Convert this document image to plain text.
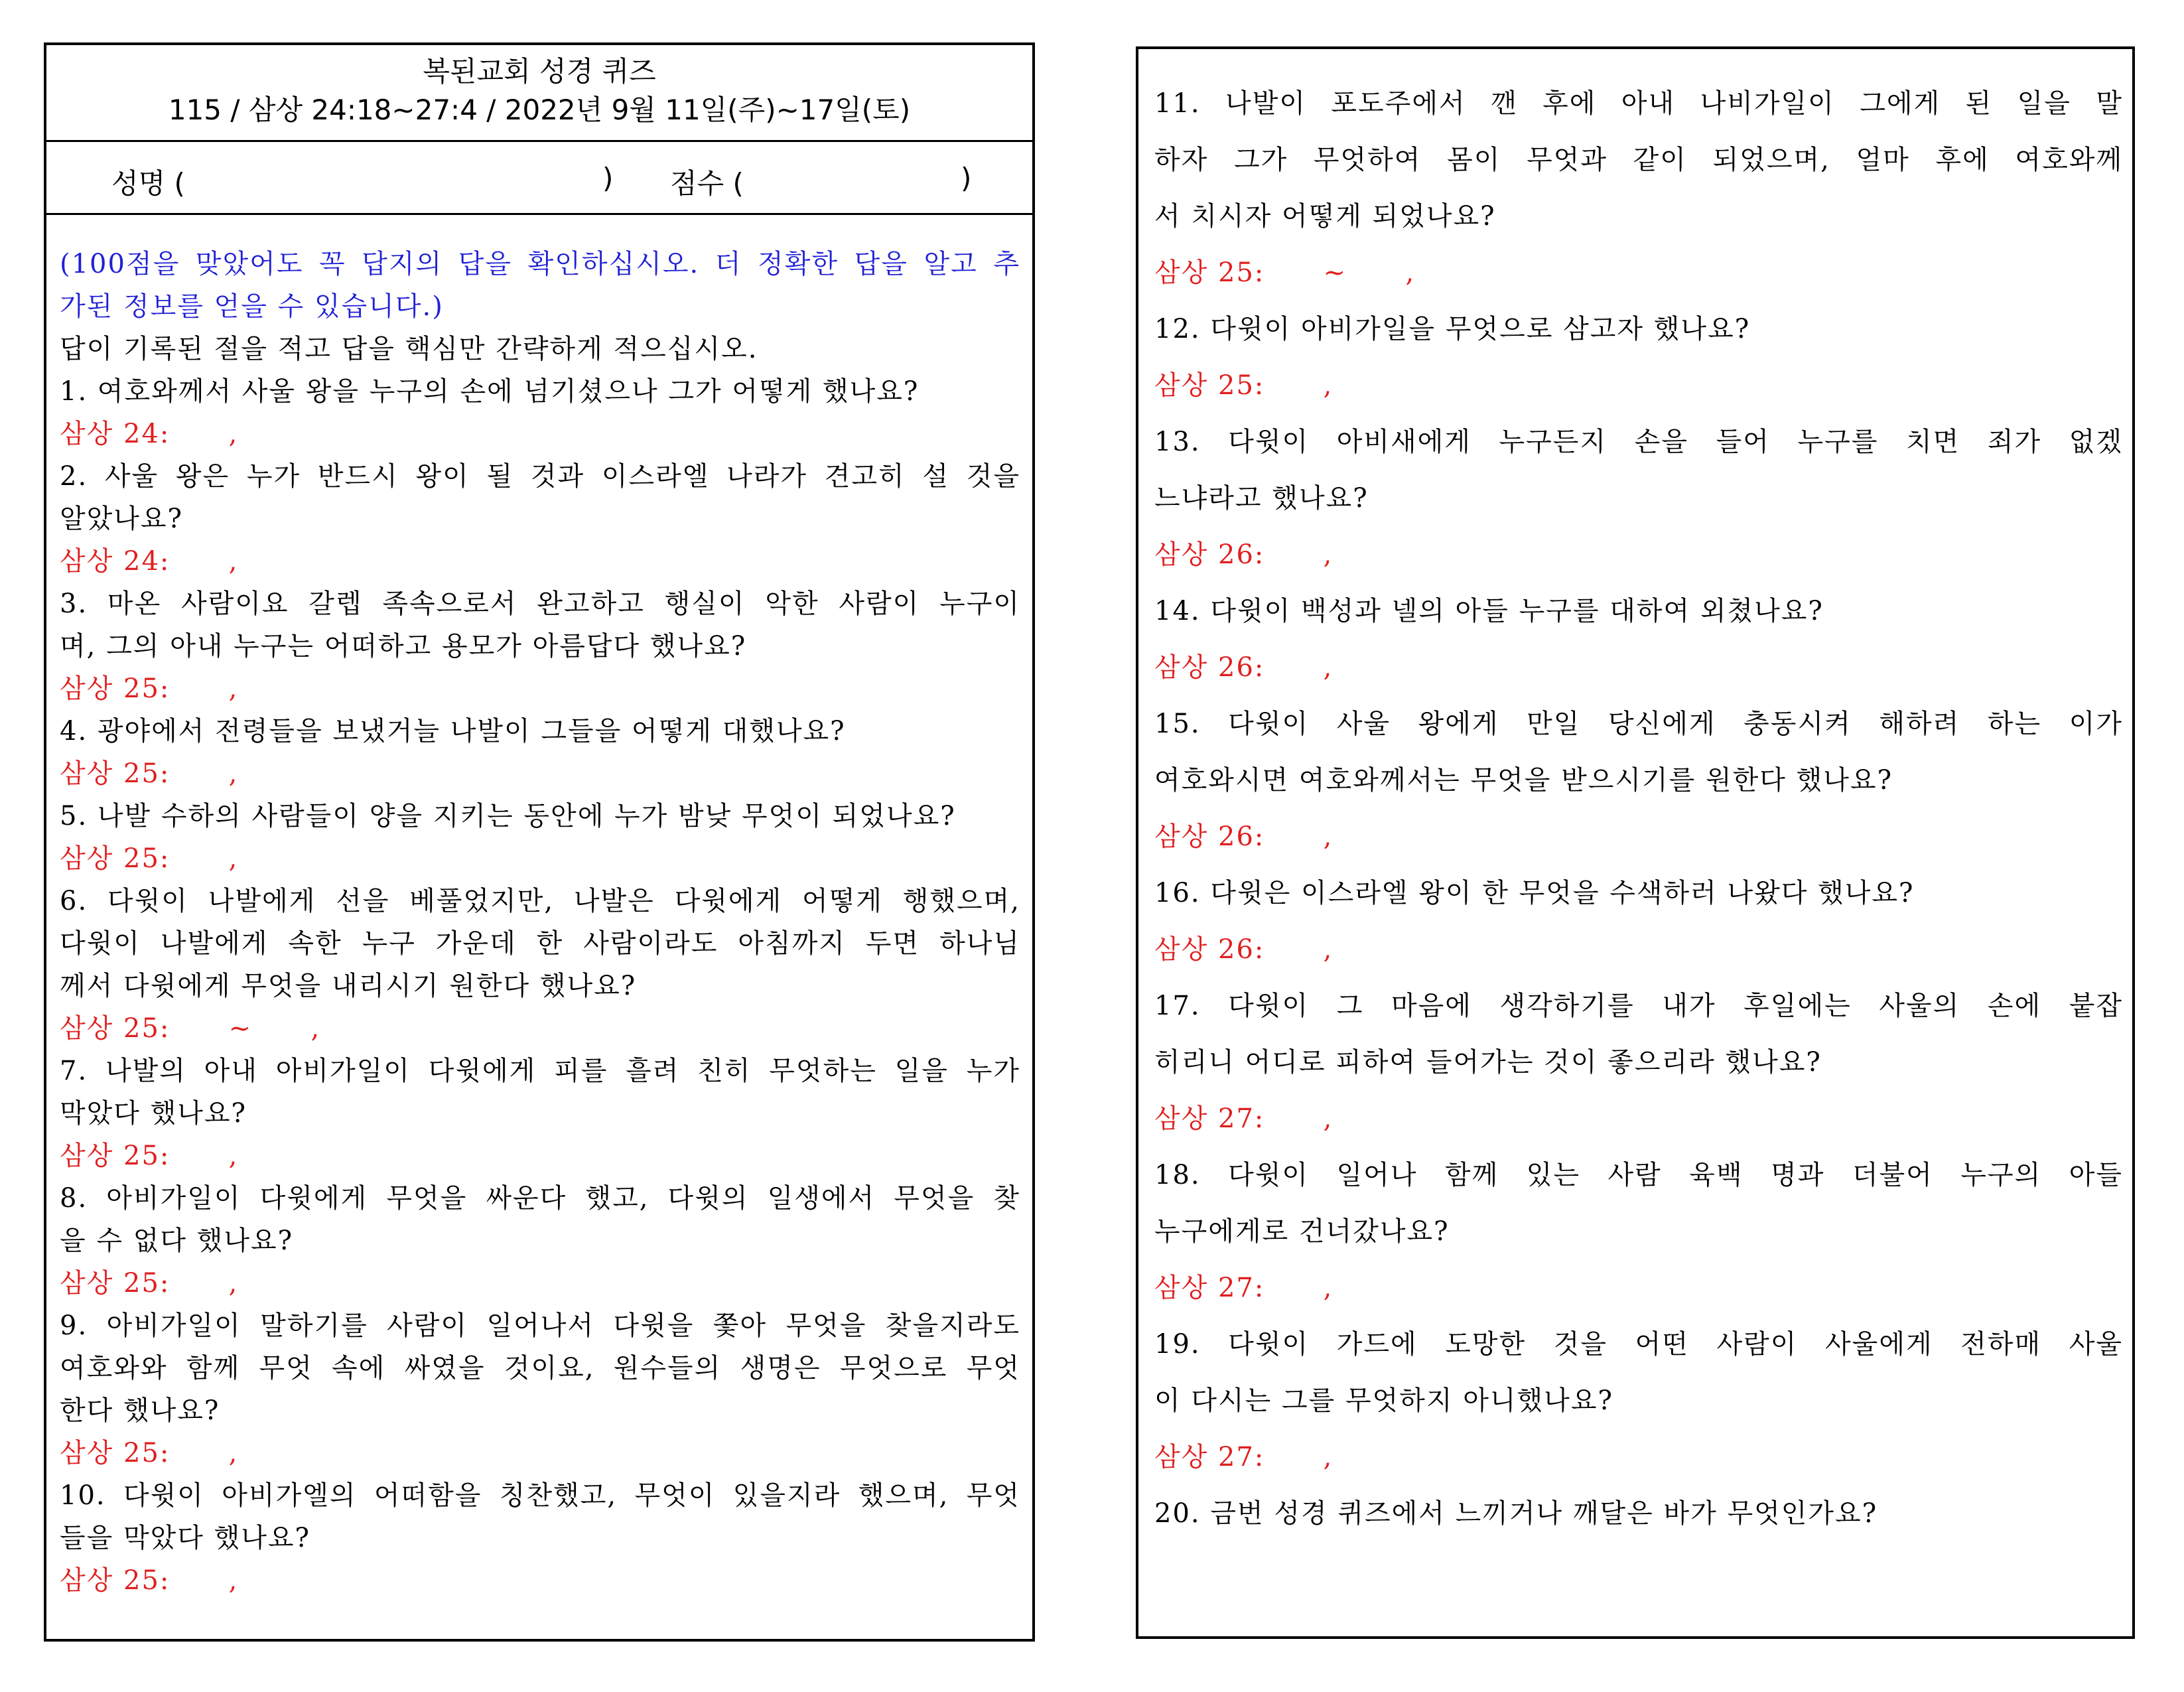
복된교회 성경 퀴즈
115 / 삼상 24:18~27:4 / 2022년 9월 11일(주)~17일(토)
성명 (	) 점수 (	)
(100점을 맞았어도 꼭 답지의 답을 확인하십시오. 더 정확한 답을 알고 추
가된 정보를 얻을 수 있습니다.)
답이 기록된 절을 적고 답을 핵심만 간략하게 적으십시오.
1. 여호와께서 사울 왕을 누구의 손에 넘기셨으나 그가 어떻게 했나요?
삼상 24:      ,
2. 사울 왕은 누가 반드시 왕이 될 것과 이스라엘 나라가 견고히 설 것을
알았나요?
삼상 24:      ,
3. 마온 사람이요 갈렙 족속으로서 완고하고 행실이 악한 사람이 누구이
며, 그의 아내 누구는 어떠하고 용모가 아름답다 했나요?
삼상 25:      ,
4. 광야에서 전령들을 보냈거늘 나발이 그들을 어떻게 대했나요?
삼상 25:      ,
5. 나발 수하의 사람들이 양을 지키는 동안에 누가 밤낮 무엇이 되었나요?
삼상 25:      ,
6. 다윗이 나발에게 선을 베풀었지만, 나발은 다윗에게 어떻게 행했으며,
다윗이 나발에게 속한 누구 가운데 한 사람이라도 아침까지 두면 하나님
께서 다윗에게 무엇을 내리시기 원한다 했나요?
삼상 25:      ~      ,
7. 나발의 아내 아비가일이 다윗에게 피를 흘려 친히 무엇하는 일을 누가
막았다 했나요?
삼상 25:      ,
8. 아비가일이 다윗에게 무엇을 싸운다 했고, 다윗의 일생에서 무엇을 찾
을 수 없다 했나요?
삼상 25:      ,
9. 아비가일이 말하기를 사람이 일어나서 다윗을 쫓아 무엇을 찾을지라도
여호와와 함께 무엇 속에 싸였을 것이요, 원수들의 생명은 무엇으로 무엇
한다 했나요?
삼상 25:      ,
10. 다윗이 아비가엘의 어떠함을 칭찬했고, 무엇이 있을지라 했으며, 무엇
들을 막았다 했나요?
삼상 25:      ,
11. 나발이 포도주에서 깬 후에 아내 나비가일이 그에게 된 일을 말
하자 그가 무엇하여 몸이 무엇과 같이 되었으며, 얼마 후에 여호와께
서 치시자 어떻게 되었나요?
삼상 25:      ~      ,
12. 다윗이 아비가일을 무엇으로 삼고자 했나요?
삼상 25:      ,
13. 다윗이 아비새에게 누구든지 손을 들어 누구를 치면 죄가 없겠
느냐라고 했나요?
삼상 26:      ,
14. 다윗이 백성과 넬의 아들 누구를 대하여 외쳤나요?
삼상 26:      ,
15. 다윗이 사울 왕에게 만일 당신에게 충동시켜 해하려 하는 이가
여호와시면 여호와께서는 무엇을 받으시기를 원한다 했나요?
삼상 26:      ,
16. 다윗은 이스라엘 왕이 한 무엇을 수색하러 나왔다 했나요?
삼상 26:      ,
17. 다윗이 그 마음에 생각하기를 내가 후일에는 사울의 손에 붙잡
히리니 어디로 피하여 들어가는 것이 좋으리라 했나요?
삼상 27:      ,
18. 다윗이 일어나 함께 있는 사람 육백 명과 더불어 누구의 아들
누구에게로 건너갔나요?
삼상 27:      ,
19. 다윗이 가드에 도망한 것을 어떤 사람이 사울에게 전하매 사울
이 다시는 그를 무엇하지 아니했나요?
삼상 27:      ,
20. 금번 성경 퀴즈에서 느끼거나 깨달은 바가 무엇인가요?
